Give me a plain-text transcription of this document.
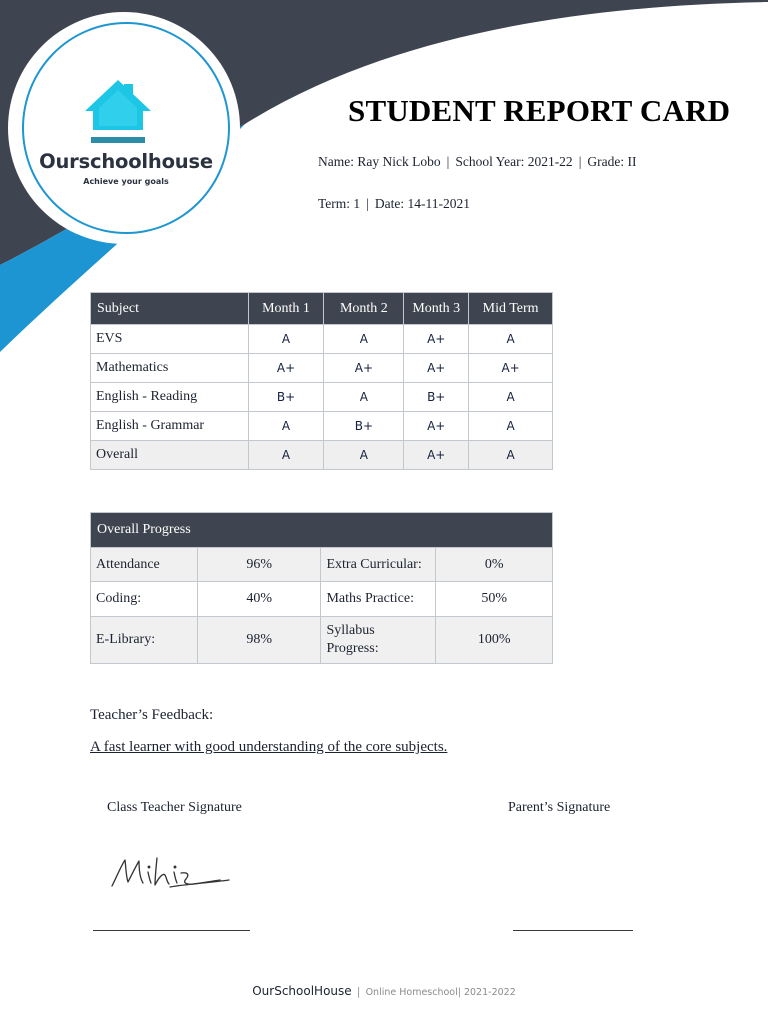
Ourschoolhouse
Achieve your goals
STUDENT REPORT CARD
Name: Ray Nick Lobo | School Year: 2021-22 | Grade: II
Term: 1 | Date: 14-11-2021
Subject	Month 1	Month 2	Month 3	Mid Term
EVS	A	A	A+	A
Mathematics	A+	A+	A+	A+
English - Reading	B+	A	B+	A
English - Grammar	A	B+	A+	A
Overall	A	A	A+	A
Overall Progress			
Attendance	96%	Extra Curricular:	0%
Coding:	40%	Maths Practice:	50%
E-Library:	98%	Syllabus Progress:	100%
Teacher’s Feedback:
A fast learner with good understanding of the core subjects.
Class Teacher Signature	Parent’s Signature
OurSchoolHouse | Online Homeschool| 2021-2022
